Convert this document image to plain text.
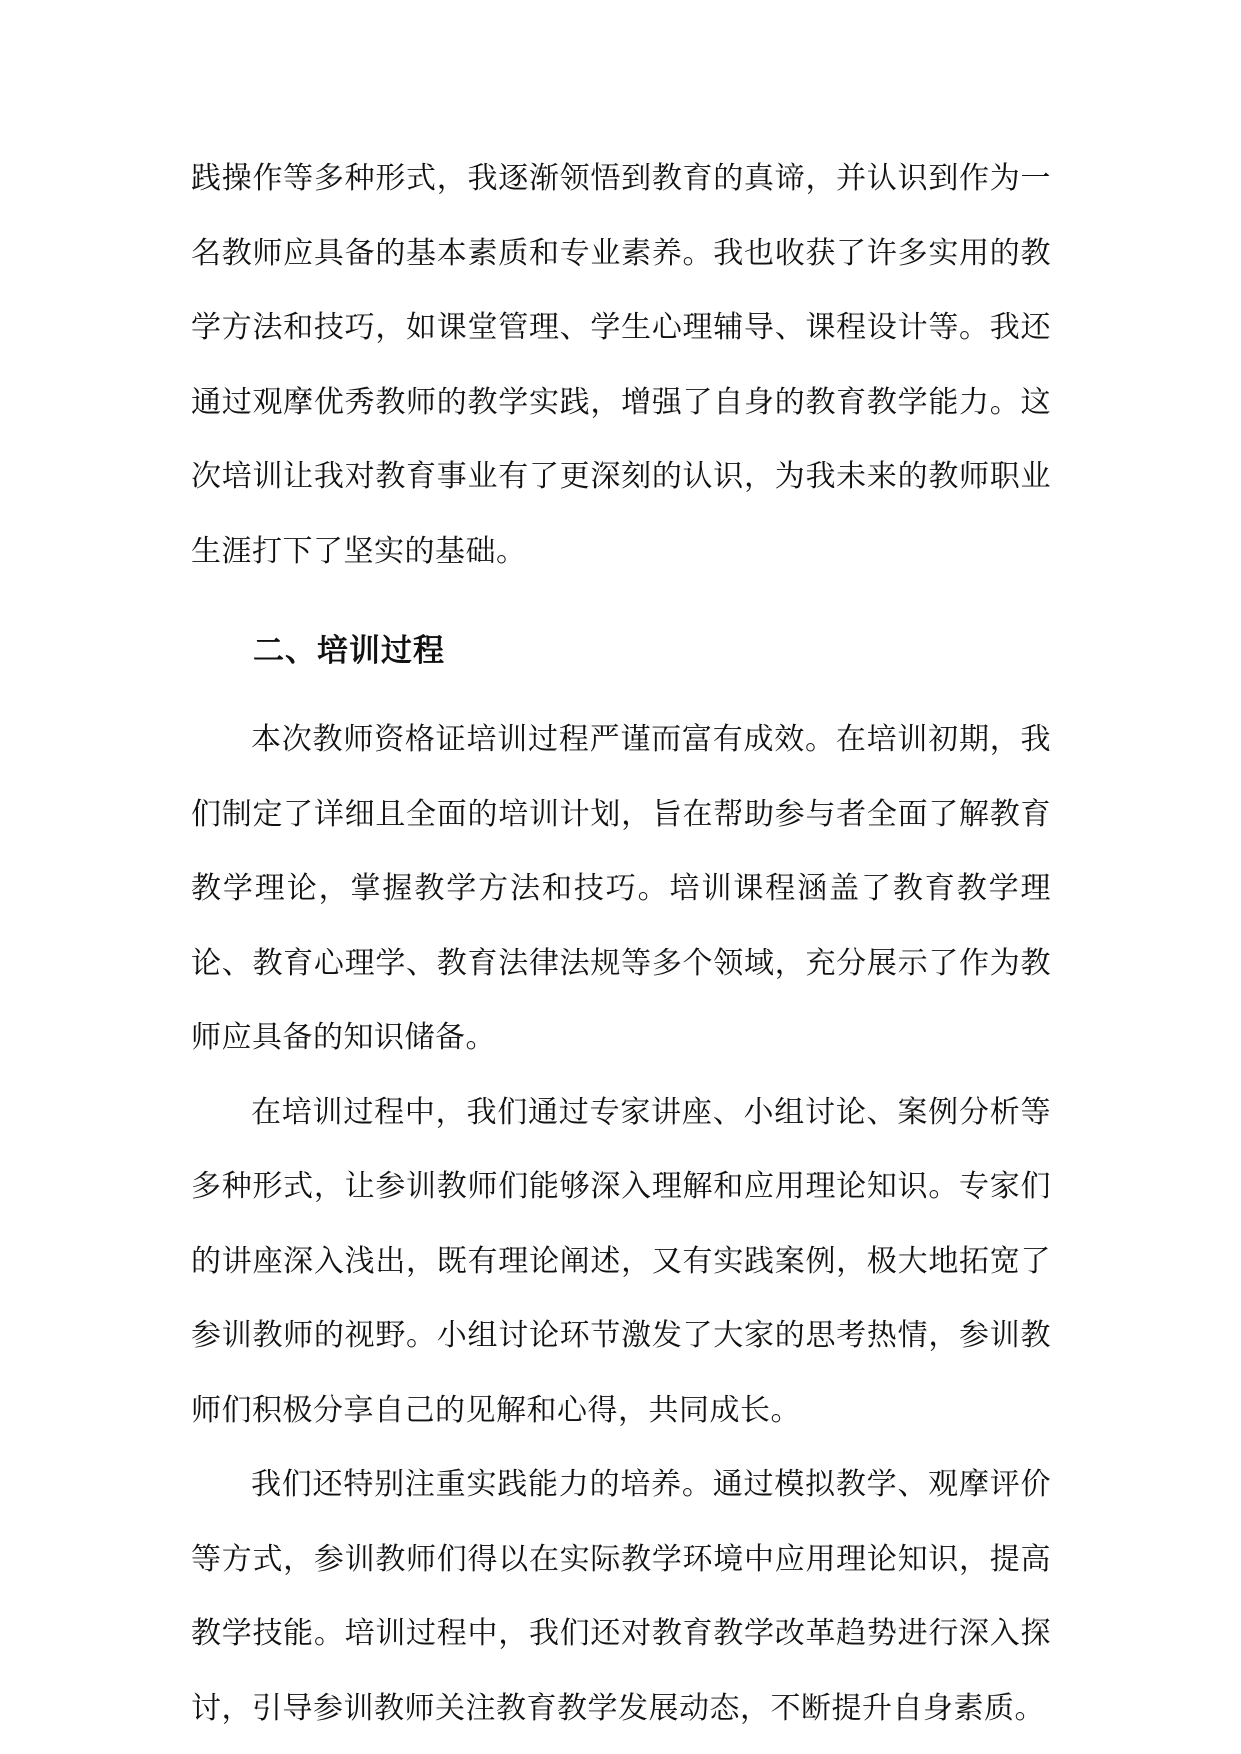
践操作等多种形式，我逐渐领悟到教育的真谛，并认识到作为一名教师应具备的基本素质和专业素养。我也收获了许多实用的教学方法和技巧，如课堂管理、学生心理辅导、课程设计等。我还通过观摩优秀教师的教学实践，增强了自身的教育教学能力。这次培训让我对教育事业有了更深刻的认识，为我未来的教师职业生涯打下了坚实的基础。

二、培训过程

本次教师资格证培训过程严谨而富有成效。在培训初期，我们制定了详细且全面的培训计划，旨在帮助参与者全面了解教育教学理论，掌握教学方法和技巧。培训课程涵盖了教育教学理论、教育心理学、教育法律法规等多个领域，充分展示了作为教师应具备的知识储备。

在培训过程中，我们通过专家讲座、小组讨论、案例分析等多种形式，让参训教师们能够深入理解和应用理论知识。专家们的讲座深入浅出，既有理论阐述，又有实践案例，极大地拓宽了参训教师的视野。小组讨论环节激发了大家的思考热情，参训教师们积极分享自己的见解和心得，共同成长。

我们还特别注重实践能力的培养。通过模拟教学、观摩评价等方式，参训教师们得以在实际教学环境中应用理论知识，提高教学技能。培训过程中，我们还对教育教学改革趋势进行深入探讨，引导参训教师关注教育教学发展动态，不断提升自身素质。
